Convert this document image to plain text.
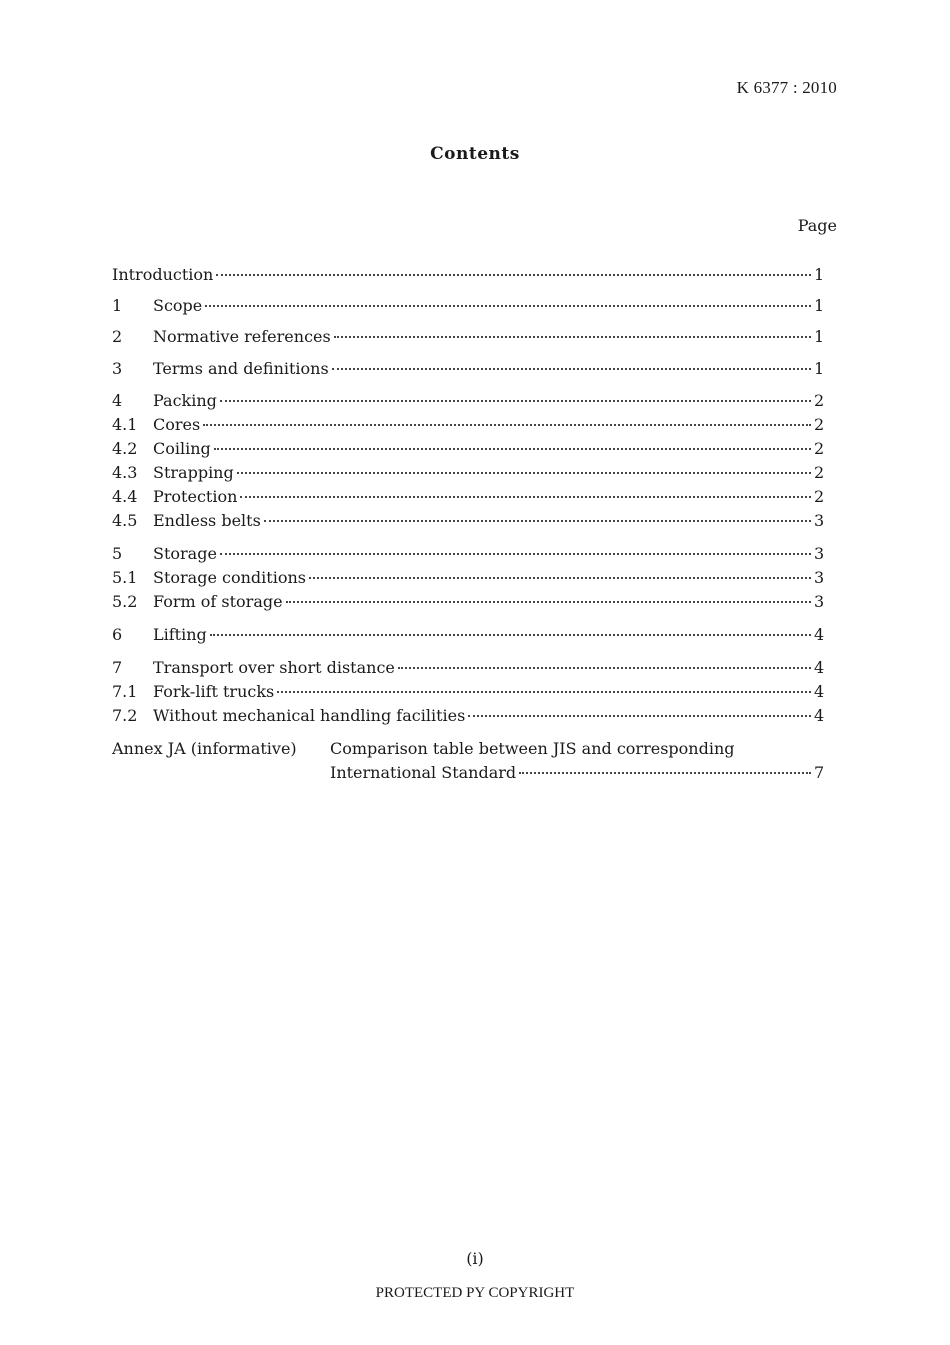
K 6377 : 2010
Contents
Page
Introduction	1
1	Scope	1
2	Normative references	1
3	Terms and definitions	1
4	Packing	2
4.1 Cores	2
4.2 Coiling	2
4.3 Strapping	2
4.4 Protection	2
4.5 Endless belts	3
5	Storage	3
5.1 Storage conditions	3
5.2 Form of storage	3
6	Lifting	4
7	Transport over short distance	4
7.1 Fork-lift trucks	4
7.2 Without mechanical handling facilities	4
Annex JA (informative) Comparison table between JIS and corresponding
International Standard	7
(i)
PROTECTED PY COPYRIGHT
